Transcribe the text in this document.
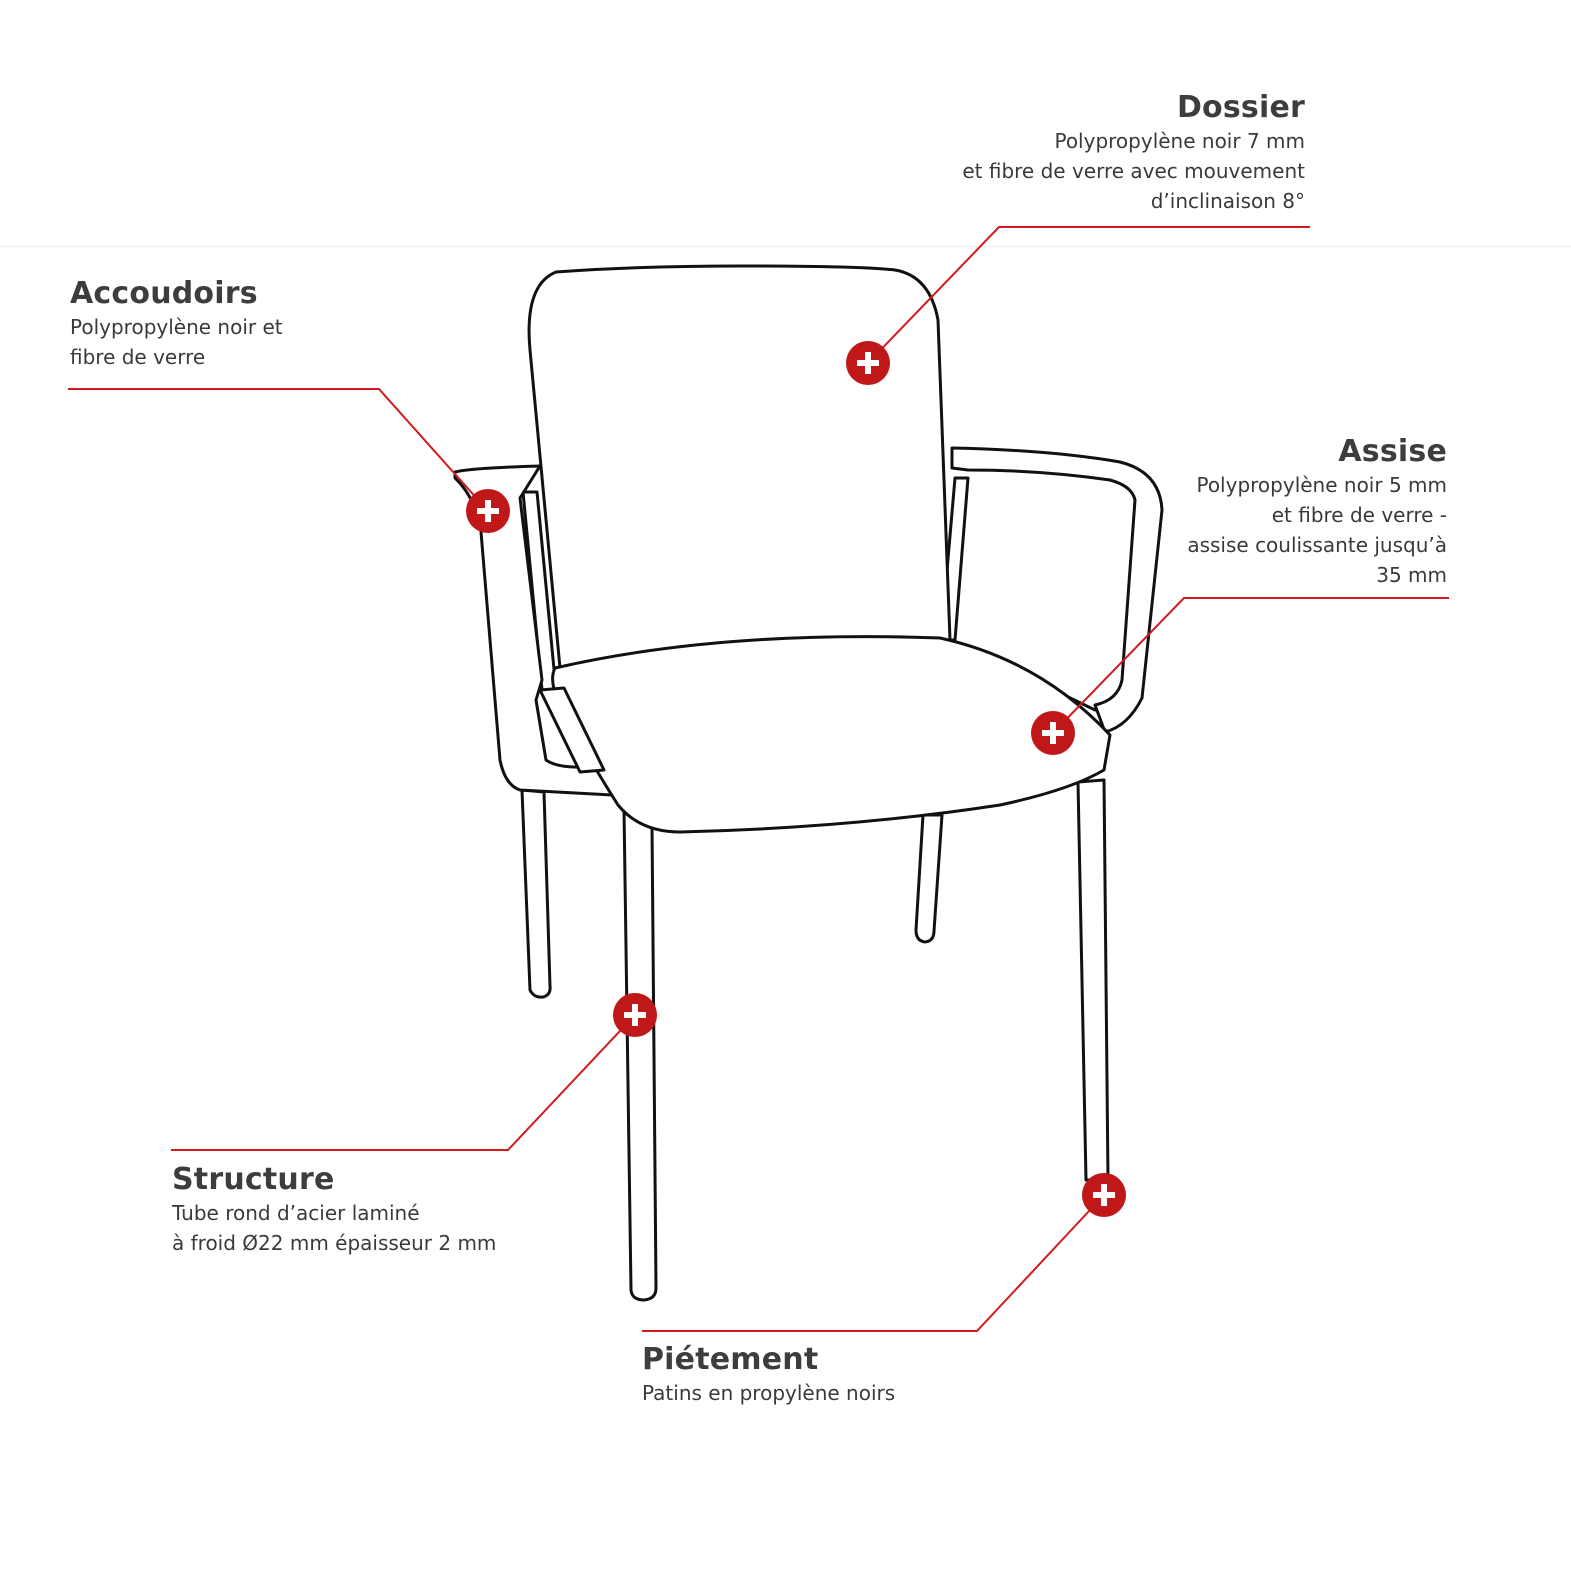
Dossier

Polypropylène noir 7 mm
et fibre de verre avec mouvement
d’inclinaison 8°

Accoudoirs

Polypropylène noir et
fibre de verre

Assise

Polypropylène noir 5 mm
et fibre de verre -
assise coulissante jusqu’à
35 mm

Structure

Tube rond d’acier laminé
à froid Ø22 mm épaisseur 2 mm

Piétement

Patins en propylène noirs
